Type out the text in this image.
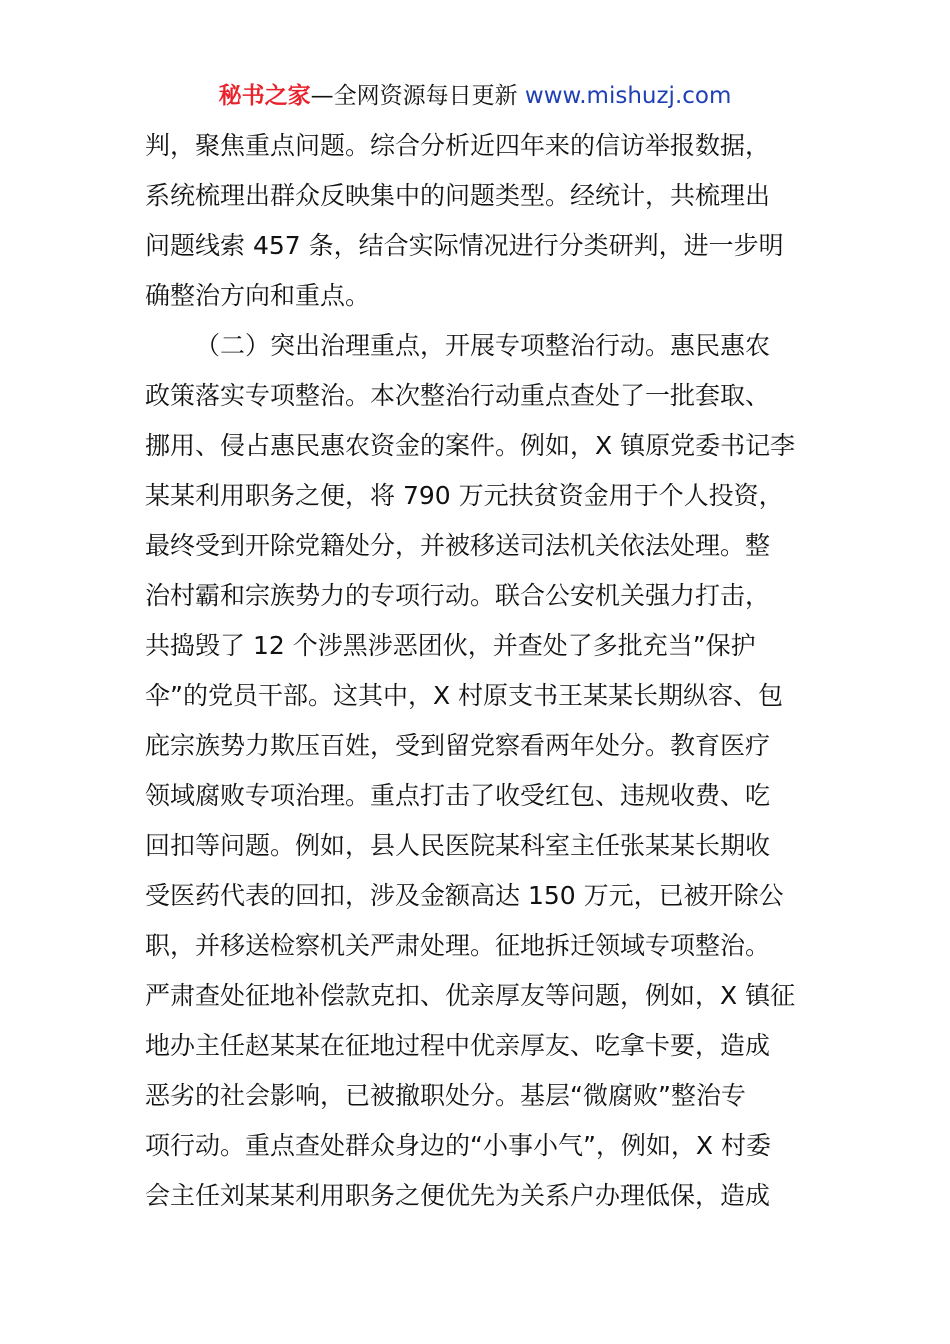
秘书之家—全网资源每日更新 www.mishuzj.com
判，聚焦重点问题。综合分析近四年来的信访举报数据，
系统梳理出群众反映集中的问题类型。经统计，共梳理出
问题线索 457 条，结合实际情况进行分类研判，进一步明
确整治方向和重点。
（二）突出治理重点，开展专项整治行动。惠民惠农
政策落实专项整治。本次整治行动重点查处了一批套取、
挪用、侵占惠民惠农资金的案件。例如，X 镇原党委书记李
某某利用职务之便，将 790 万元扶贫资金用于个人投资，
最终受到开除党籍处分，并被移送司法机关依法处理。整
治村霸和宗族势力的专项行动。联合公安机关强力打击，
共捣毁了 12 个涉黑涉恶团伙，并查处了多批充当”保护
伞”的党员干部。这其中，X 村原支书王某某长期纵容、包
庇宗族势力欺压百姓，受到留党察看两年处分。教育医疗
领域腐败专项治理。重点打击了收受红包、违规收费、吃
回扣等问题。例如，县人民医院某科室主任张某某长期收
受医药代表的回扣，涉及金额高达 150 万元，已被开除公
职，并移送检察机关严肃处理。征地拆迁领域专项整治。
严肃查处征地补偿款克扣、优亲厚友等问题，例如，X 镇征
地办主任赵某某在征地过程中优亲厚友、吃拿卡要，造成
恶劣的社会影响，已被撤职处分。基层“微腐败”整治专
项行动。重点查处群众身边的“小事小气”，例如，X 村委
会主任刘某某利用职务之便优先为关系户办理低保，造成
